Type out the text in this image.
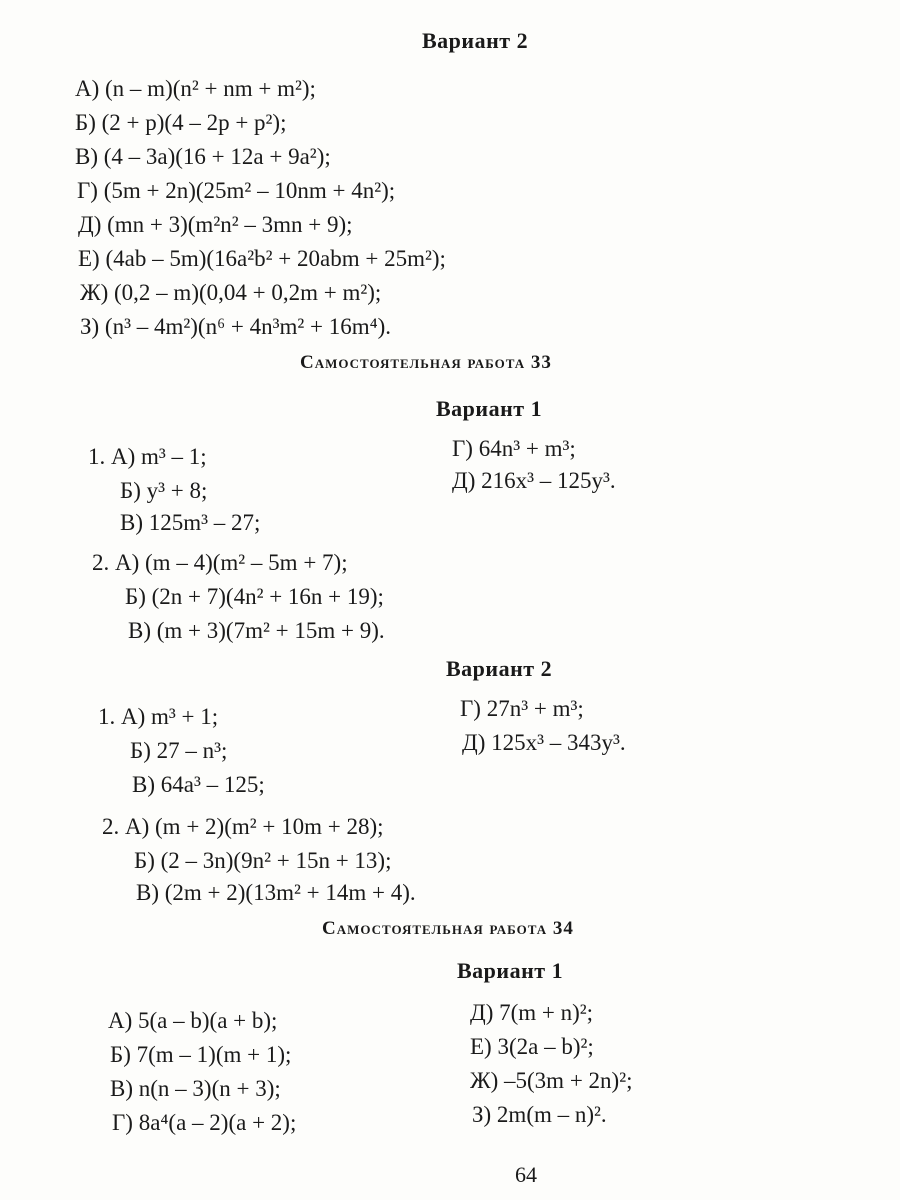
Вариант 2
А) (n – m)(n² + nm + m²);
Б) (2 + p)(4 – 2p + p²);
В) (4 – 3a)(16 + 12a + 9a²);
Г) (5m + 2n)(25m² – 10nm + 4n²);
Д) (mn + 3)(m²n² – 3mn + 9);
Е) (4ab – 5m)(16a²b² + 20abm + 25m²);
Ж) (0,2 – m)(0,04 + 0,2m + m²);
З) (n³ – 4m²)(n⁶ + 4n³m² + 16m⁴).
Самостоятельная работа 33
Вариант 1
1. А) m³ – 1;
Б) y³ + 8;
В) 125m³ – 27;
Г) 64n³ + m³;
Д) 216x³ – 125y³.
2. А) (m – 4)(m² – 5m + 7);
Б) (2n + 7)(4n² + 16n + 19);
В) (m + 3)(7m² + 15m + 9).
Вариант 2
1. А) m³ + 1;
Б) 27 – n³;
В) 64a³ – 125;
Г) 27n³ + m³;
Д) 125x³ – 343y³.
2. А) (m + 2)(m² + 10m + 28);
Б) (2 – 3n)(9n² + 15n + 13);
В) (2m + 2)(13m² + 14m + 4).
Самостоятельная работа 34
Вариант 1
А) 5(a – b)(a + b);
Б) 7(m – 1)(m + 1);
В) n(n – 3)(n + 3);
Г) 8a⁴(a – 2)(a + 2);
Д) 7(m + n)²;
Е) 3(2a – b)²;
Ж) –5(3m + 2n)²;
З) 2m(m – n)².
64
